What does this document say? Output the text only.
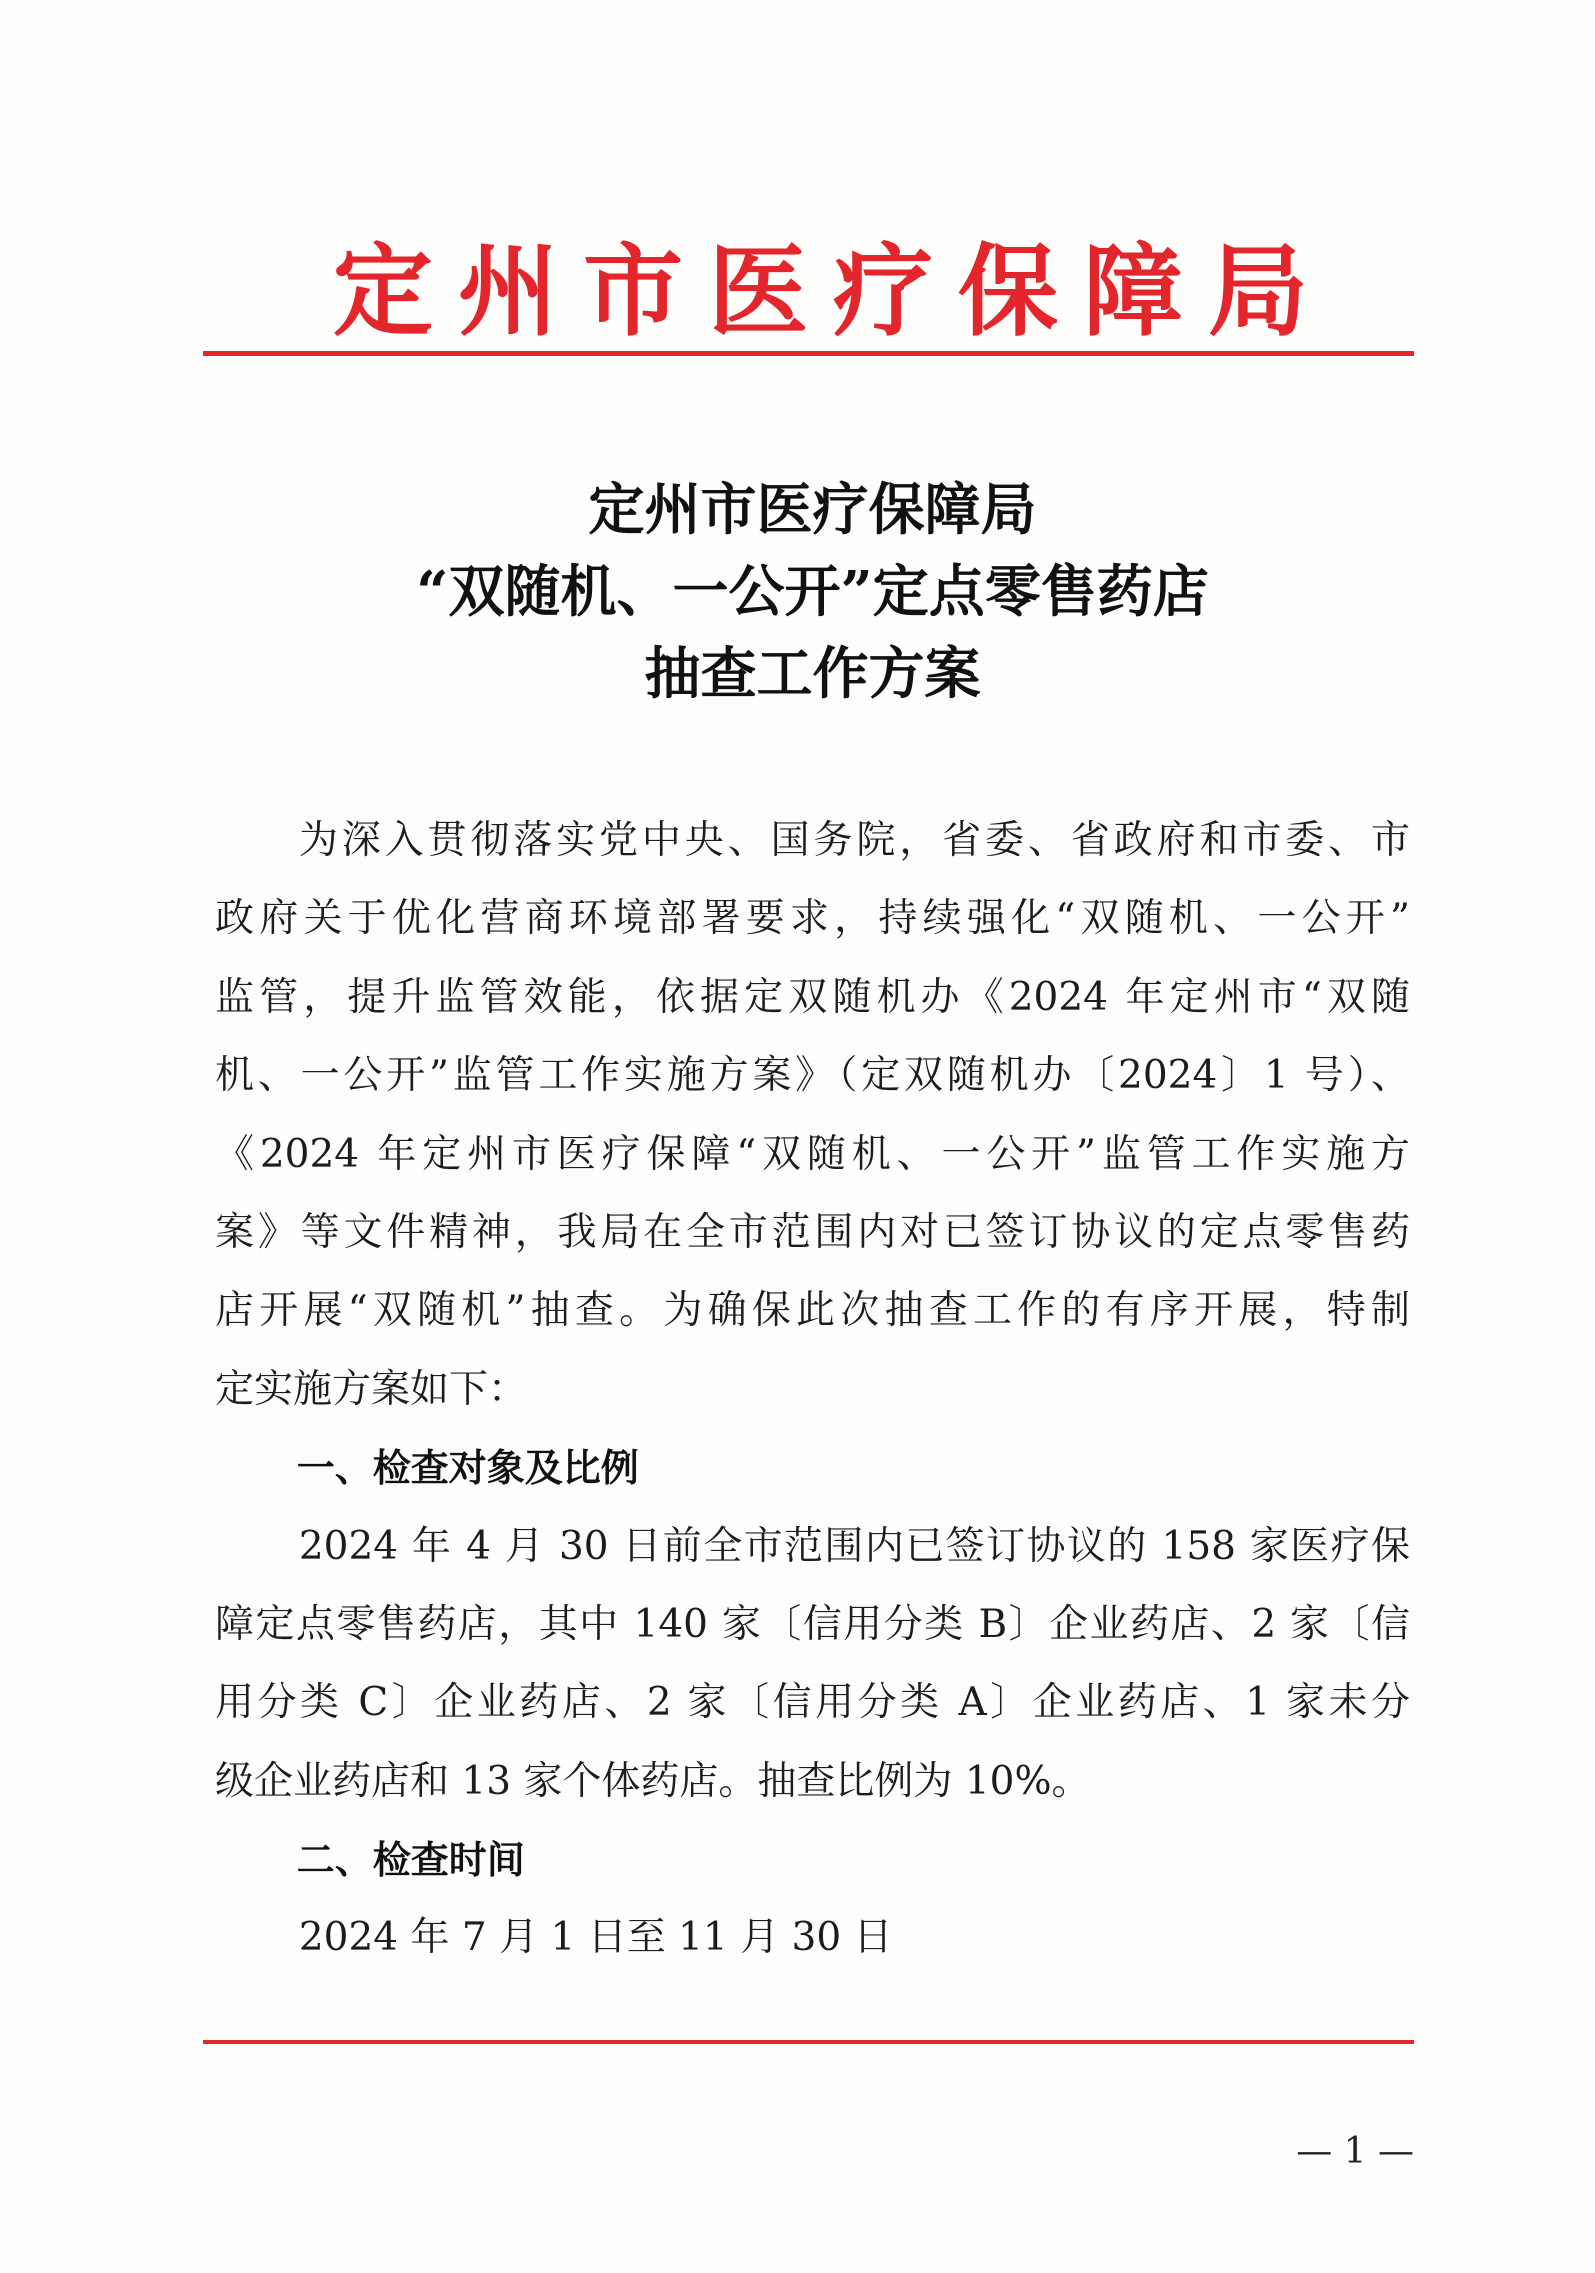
定州市医疗保障局
定州市医疗保障局
“双随机、一公开”定点零售药店
抽查工作方案
为深入贯彻落实党中央、国务院，省委、省政府和市委、市
政府关于优化营商环境部署要求，持续强化“双随机、一公开”
监管，提升监管效能，依据定双随机办《2024 年定州市“双随
机、一公开”监管工作实施方案》（定双随机办〔2024〕1 号）、
《2024 年定州市医疗保障“双随机、一公开”监管工作实施方
案》等文件精神，我局在全市范围内对已签订协议的定点零售药
店开展“双随机”抽查。为确保此次抽查工作的有序开展，特制
定实施方案如下：
一、检查对象及比例
2024 年 4 月 30 日前全市范围内已签订协议的 158 家医疗保
障定点零售药店，其中 140 家〔信用分类 B〕企业药店、2 家〔信
用分类 C〕企业药店、2 家〔信用分类 A〕企业药店、1 家未分
级企业药店和 13 家个体药店。抽查比例为 10%。
二、检查时间
2024 年 7 月 1 日至 11 月 30 日
— 1 —
